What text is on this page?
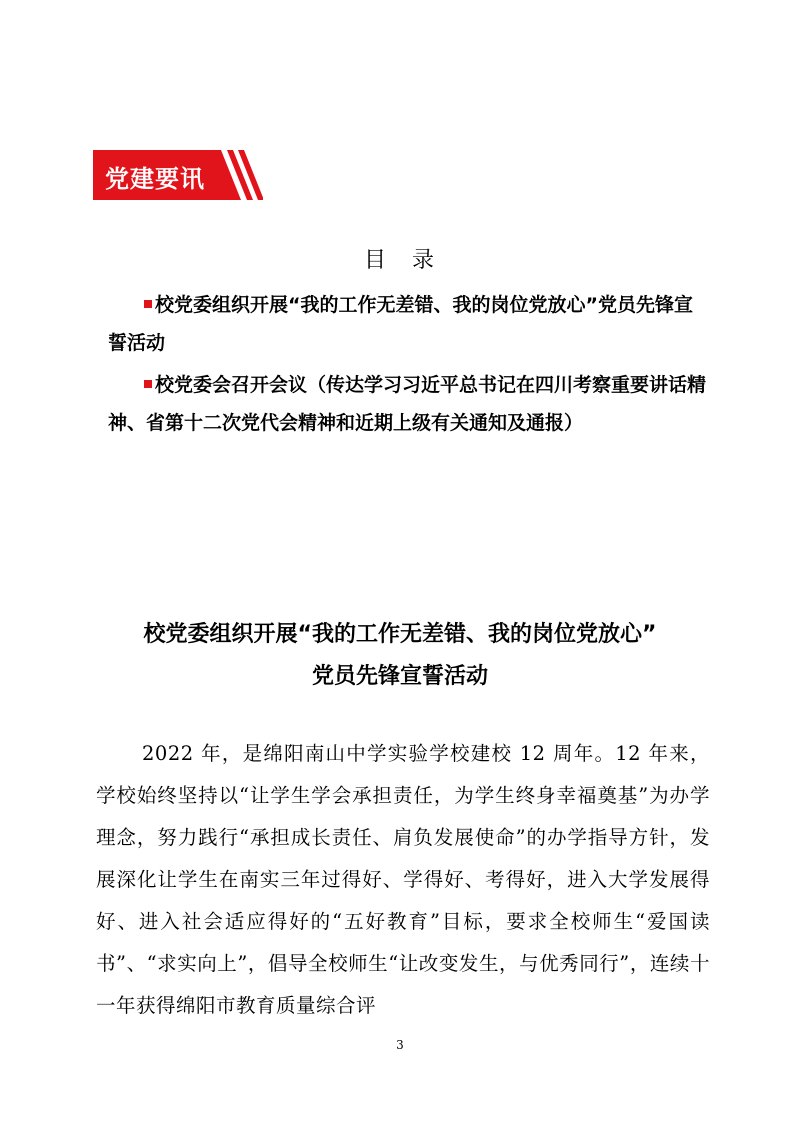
党建要讯
目　录
校党委组织开展“我的工作无差错、我的岗位党放心”党员先锋宣誓活动
校党委会召开会议（传达学习习近平总书记在四川考察重要讲话精神、省第十二次党代会精神和近期上级有关通知及通报）
校党委组织开展“我的工作无差错、我的岗位党放心”
党员先锋宣誓活动
2022 年，是绵阳南山中学实验学校建校 12 周年。12 年来，学校始终坚持以“让学生学会承担责任，为学生终身幸福奠基”为办学理念，努力践行“承担成长责任、肩负发展使命”的办学指导方针，发展深化让学生在南实三年过得好、学得好、考得好，进入大学发展得好、进入社会适应得好的“五好教育”目标，要求全校师生“爱国读书”、“求实向上”，倡导全校师生“让改变发生，与优秀同行”，连续十一年获得绵阳市教育质量综合评
3
